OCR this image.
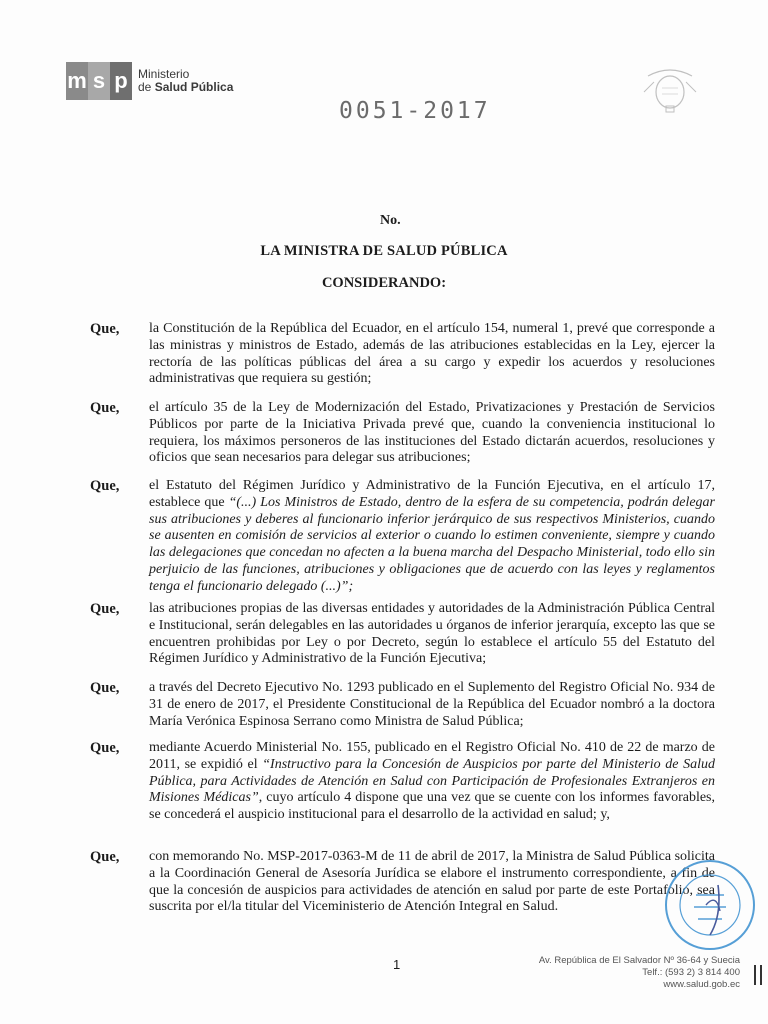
m s p Ministerio
de Salud Pública
0051-2017
No.
LA MINISTRA DE SALUD PÚBLICA
CONSIDERANDO:
Que, la Constitución de la República del Ecuador, en el artículo 154, numeral 1, prevé que corresponde a las ministras y ministros de Estado, además de las atribuciones establecidas en la Ley, ejercer la rectoría de las políticas públicas del área a su cargo y expedir los acuerdos y resoluciones administrativas que requiera su gestión;
Que, el artículo 35 de la Ley de Modernización del Estado, Privatizaciones y Prestación de Servicios Públicos por parte de la Iniciativa Privada prevé que, cuando la conveniencia institucional lo requiera, los máximos personeros de las instituciones del Estado dictarán acuerdos, resoluciones y oficios que sean necesarios para delegar sus atribuciones;
Que, el Estatuto del Régimen Jurídico y Administrativo de la Función Ejecutiva, en el artículo 17, establece que “(...) Los Ministros de Estado, dentro de la esfera de su competencia, podrán delegar sus atribuciones y deberes al funcionario inferior jerárquico de sus respectivos Ministerios, cuando se ausenten en comisión de servicios al exterior o cuando lo estimen conveniente, siempre y cuando las delegaciones que concedan no afecten a la buena marcha del Despacho Ministerial, todo ello sin perjuicio de las funciones, atribuciones y obligaciones que de acuerdo con las leyes y reglamentos tenga el funcionario delegado (...)”;
Que, las atribuciones propias de las diversas entidades y autoridades de la Administración Pública Central e Institucional, serán delegables en las autoridades u órganos de inferior jerarquía, excepto las que se encuentren prohibidas por Ley o por Decreto, según lo establece el artículo 55 del Estatuto del Régimen Jurídico y Administrativo de la Función Ejecutiva;
Que, a través del Decreto Ejecutivo No. 1293 publicado en el Suplemento del Registro Oficial No. 934 de 31 de enero de 2017, el Presidente Constitucional de la República del Ecuador nombró a la doctora María Verónica Espinosa Serrano como Ministra de Salud Pública;
Que, mediante Acuerdo Ministerial No. 155, publicado en el Registro Oficial No. 410 de 22 de marzo de 2011, se expidió el “Instructivo para la Concesión de Auspicios por parte del Ministerio de Salud Pública, para Actividades de Atención en Salud con Participación de Profesionales Extranjeros en Misiones Médicas”, cuyo artículo 4 dispone que una vez que se cuente con los informes favorables, se concederá el auspicio institucional para el desarrollo de la actividad en salud; y,
Que, con memorando No. MSP-2017-0363-M de 11 de abril de 2017, la Ministra de Salud Pública solicita a la Coordinación General de Asesoría Jurídica se elabore el instrumento correspondiente, a fin de que la concesión de auspicios para actividades de atención en salud por parte de este Portafolio, sea suscrita por el/la titular del Viceministerio de Atención Integral en Salud.
1	Av. República de El Salvador Nº 36-64 y Suecia
Telf.: (593 2) 3 814 400
www.salud.gob.ec
